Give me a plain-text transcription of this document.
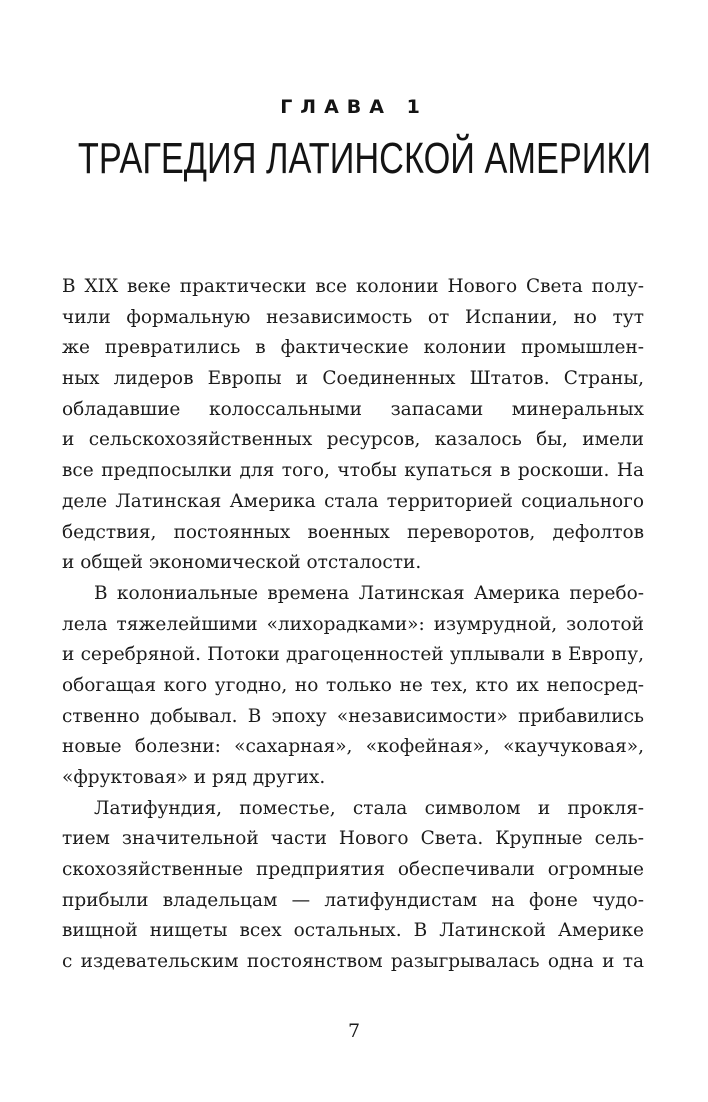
ГЛАВА 1
ТРАГЕДИЯ ЛАТИНСКОЙ АМЕРИКИ
В XIX веке практически все колонии Нового Света полу-
чили формальную независимость от Испании, но тут
же превратились в фактические колонии промышлен-
ных лидеров Европы и Соединенных Штатов. Страны,
обладавшие колоссальными запасами минеральных
и сельскохозяйственных ресурсов, казалось бы, имели
все предпосылки для того, чтобы купаться в роскоши. На
деле Латинская Америка стала территорией социального
бедствия, постоянных военных переворотов, дефолтов
и общей экономической отсталости.
В колониальные времена Латинская Америка перебо-
лела тяжелейшими «лихорадками»: изумрудной, золотой
и серебряной. Потоки драгоценностей уплывали в Европу,
обогащая кого угодно, но только не тех, кто их непосред-
ственно добывал. В эпоху «независимости» прибавились
новые болезни: «сахарная», «кофейная», «каучуковая»,
«фруктовая» и ряд других.
Латифундия, поместье, стала символом и прокля-
тием значительной части Нового Света. Крупные сель-
скохозяйственные предприятия обеспечивали огромные
прибыли владельцам — латифундистам на фоне чудо-
вищной нищеты всех остальных. В Латинской Америке
с издевательским постоянством разыгрывалась одна и та
7
